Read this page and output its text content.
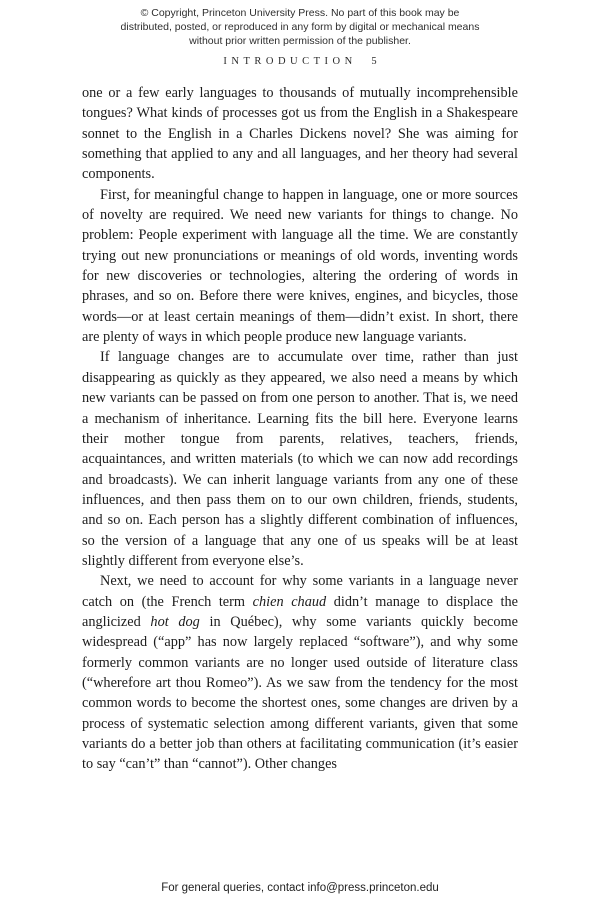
© Copyright, Princeton University Press. No part of this book may be distributed, posted, or reproduced in any form by digital or mechanical means without prior written permission of the publisher.
INTRODUCTION 5

one or a few early languages to thousands of mutually incomprehensible tongues? What kinds of processes got us from the English in a Shakespeare sonnet to the English in a Charles Dickens novel? She was aiming for something that applied to any and all languages, and her theory had several components.

First, for meaningful change to happen in language, one or more sources of novelty are required. We need new variants for things to change. No problem: People experiment with language all the time. We are constantly trying out new pronunciations or meanings of old words, inventing words for new discoveries or technologies, altering the ordering of words in phrases, and so on. Before there were knives, engines, and bicycles, those words—or at least certain meanings of them—didn’t exist. In short, there are plenty of ways in which people produce new language variants.

If language changes are to accumulate over time, rather than just disappearing as quickly as they appeared, we also need a means by which new variants can be passed on from one person to another. That is, we need a mechanism of inheritance. Learning fits the bill here. Everyone learns their mother tongue from parents, relatives, teachers, friends, acquaintances, and written materials (to which we can now add recordings and broadcasts). We can inherit language variants from any one of these influences, and then pass them on to our own children, friends, students, and so on. Each person has a slightly different combination of influences, so the version of a language that any one of us speaks will be at least slightly different from everyone else’s.

Next, we need to account for why some variants in a language never catch on (the French term chien chaud didn’t manage to displace the anglicized hot dog in Québec), why some variants quickly become widespread (“app” has now largely replaced “software”), and why some formerly common variants are no longer used outside of literature class (“wherefore art thou Romeo”). As we saw from the tendency for the most common words to become the shortest ones, some changes are driven by a process of systematic selection among different variants, given that some variants do a better job than others at facilitating communication (it’s easier to say “can’t” than “cannot”). Other changes

For general queries, contact info@press.princeton.edu
